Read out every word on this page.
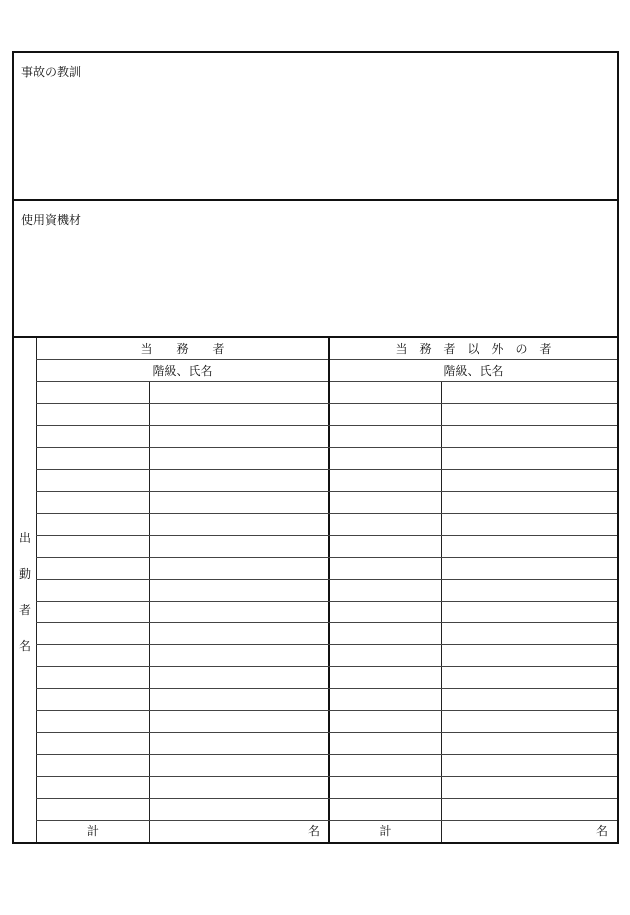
事故の教訓
使用資機材
出
動
者
名
当　　務　　者	当　務　者　以　外　の　者
階級、氏名	階級、氏名
計	名	計	名
